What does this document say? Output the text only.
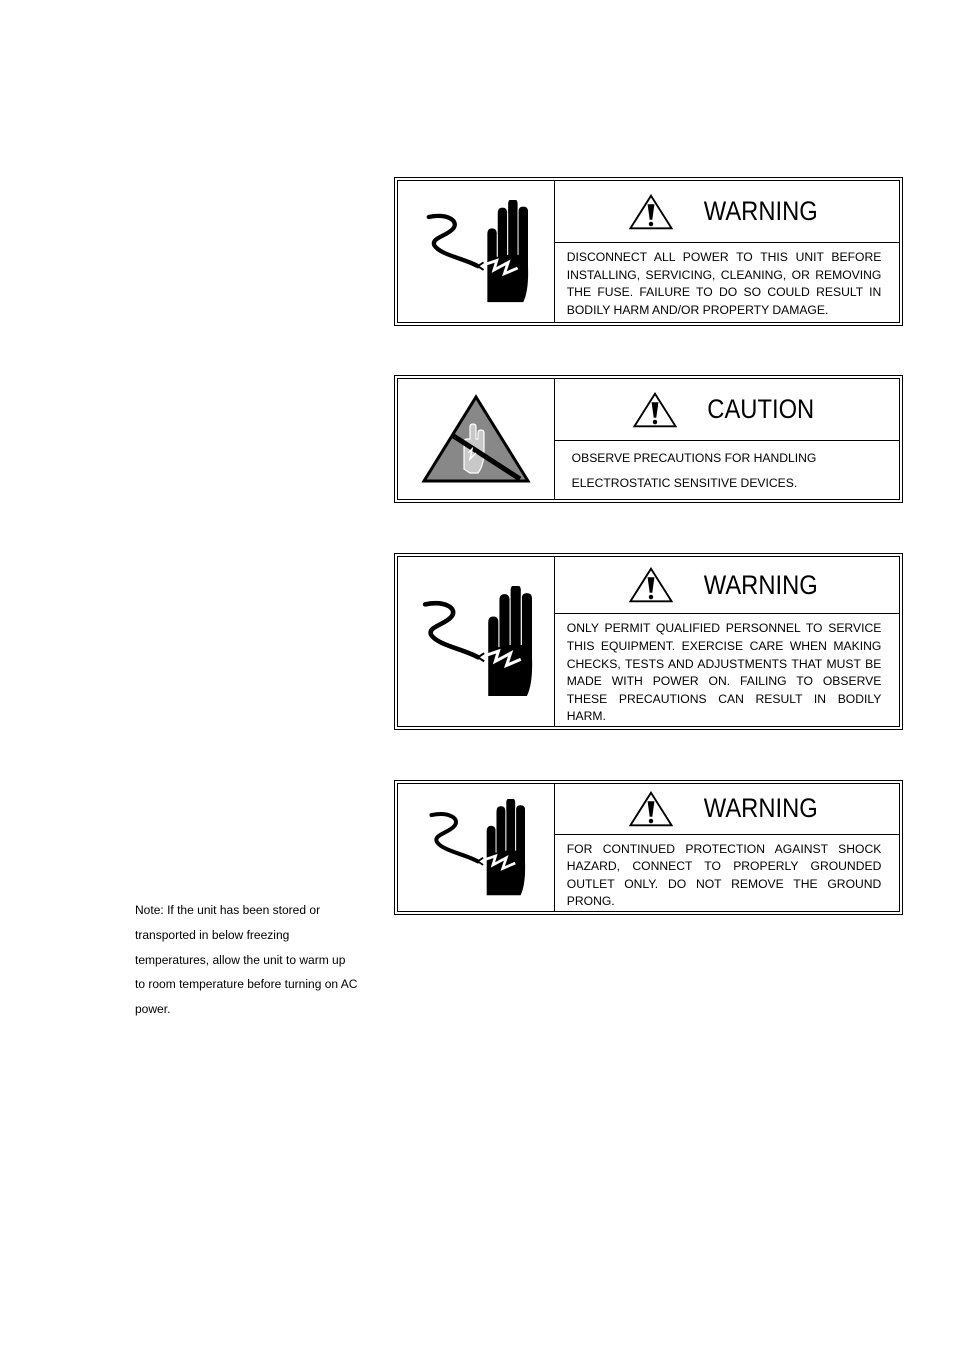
WARNING
DISCONNECT ALL POWER TO THIS UNIT BEFORE INSTALLING, SERVICING, CLEANING, OR REMOVING THE FUSE. FAILURE TO DO SO COULD RESULT IN BODILY HARM AND/OR PROPERTY DAMAGE.
CAUTION
OBSERVE PRECAUTIONS FOR HANDLING ELECTROSTATIC SENSITIVE DEVICES.
WARNING
ONLY PERMIT QUALIFIED PERSONNEL TO SERVICE THIS EQUIPMENT. EXERCISE CARE WHEN MAKING CHECKS, TESTS AND ADJUSTMENTS THAT MUST BE MADE WITH POWER ON. FAILING TO OBSERVE THESE PRECAUTIONS CAN RESULT IN BODILY HARM.
WARNING
FOR CONTINUED PROTECTION AGAINST SHOCK HAZARD, CONNECT TO PROPERLY GROUNDED OUTLET ONLY. DO NOT REMOVE THE GROUND PRONG.
Note: If the unit has been stored or transported in below freezing temperatures, allow the unit to warm up to room temperature before turning on AC power.
